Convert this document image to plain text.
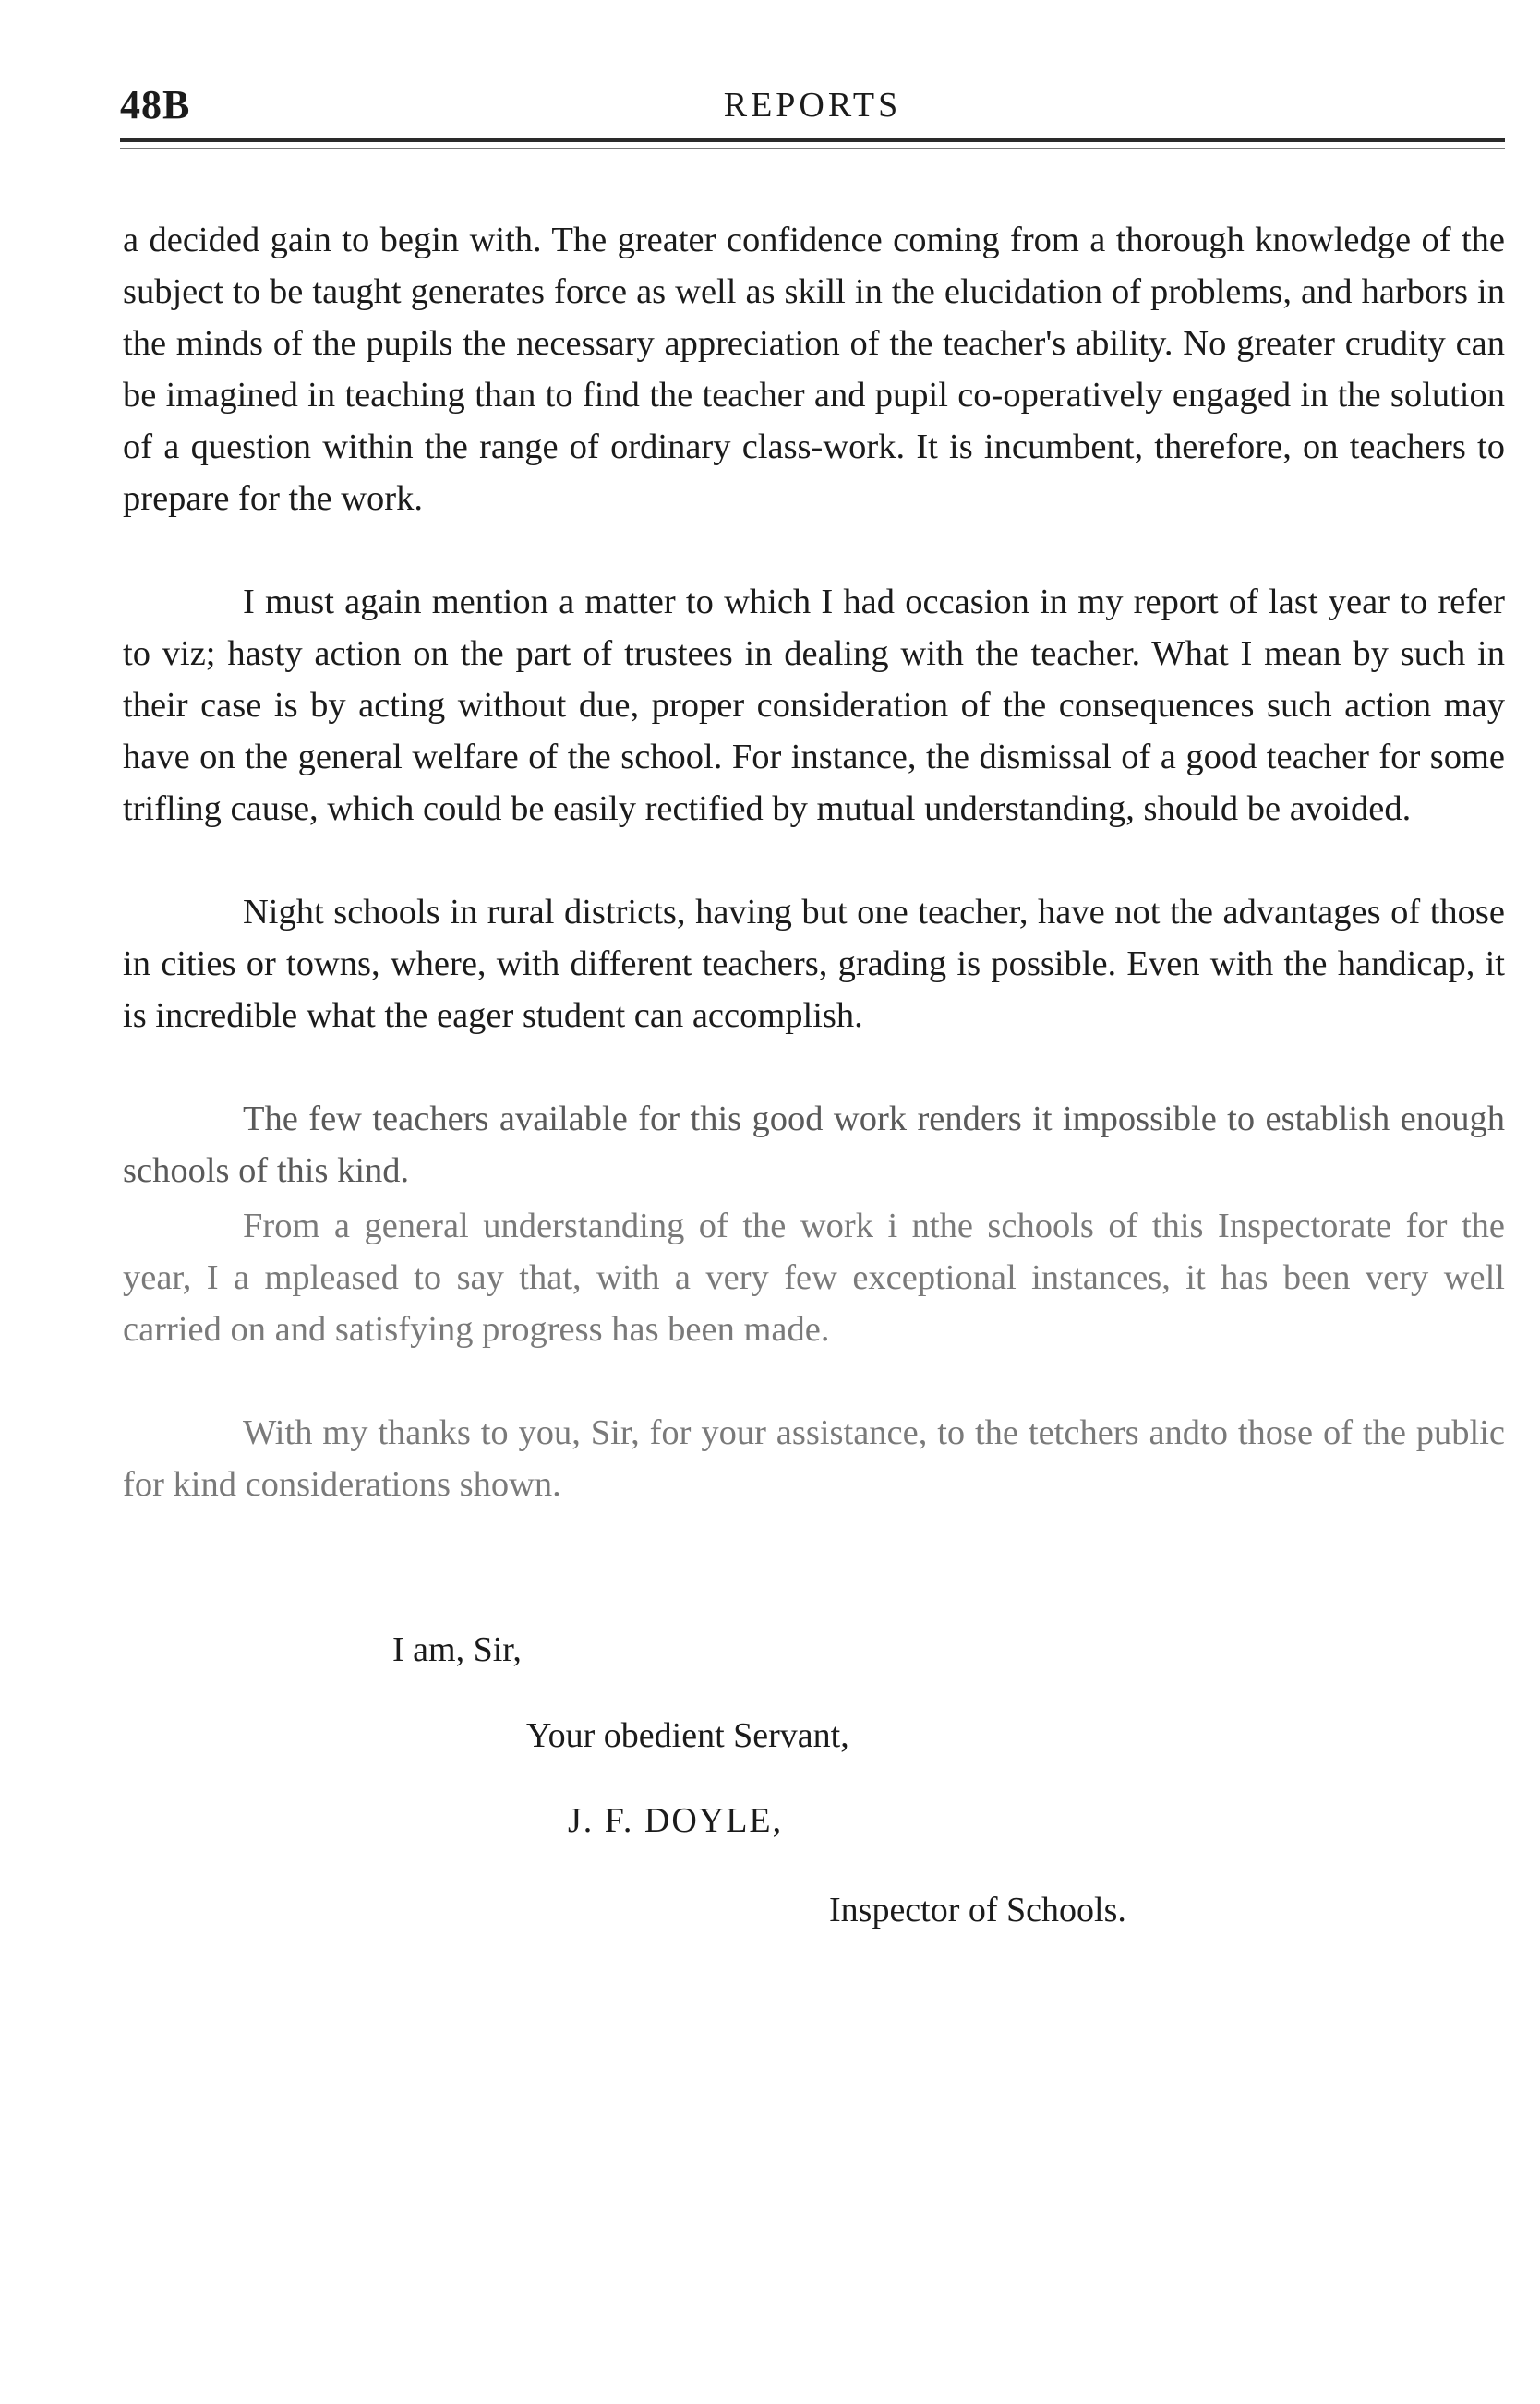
48B	REPORTS

a decided gain to begin with. The greater confidence coming from a thorough knowledge of the subject to be taught generates force as well as skill in the elucidation of problems, and harbors in the minds of the pupils the necessary appreciation of the teacher's ability. No greater crudity can be imagined in teaching than to find the teacher and pupil co-operatively engaged in the solution of a question within the range of ordinary class-work. It is incumbent, therefore, on teachers to prepare for the work.

I must again mention a matter to which I had occasion in my report of last year to refer to viz; hasty action on the part of trustees in dealing with the teacher. What I mean by such in their case is by acting without due, proper consideration of the consequences such action may have on the general welfare of the school. For instance, the dismissal of a good teacher for some trifling cause, which could be easily rectified by mutual understanding, should be avoided.

Night schools in rural districts, having but one teacher, have not the advantages of those in cities or towns, where, with different teachers, grading is possible. Even with the handicap, it is incredible what the eager student can accomplish.

The few teachers available for this good work renders it impossible to establish enough schools of this kind.

From a general understanding of the work i nthe schools of this Inspectorate for the year, I a mpleased to say that, with a very few exceptional instances, it has been very well carried on and satisfying progress has been made.

With my thanks to you, Sir, for your assistance, to the tetchers andto those of the public for kind considerations shown.

I am, Sir,
Your obedient Servant,
J. F. DOYLE,
Inspector of Schools.
